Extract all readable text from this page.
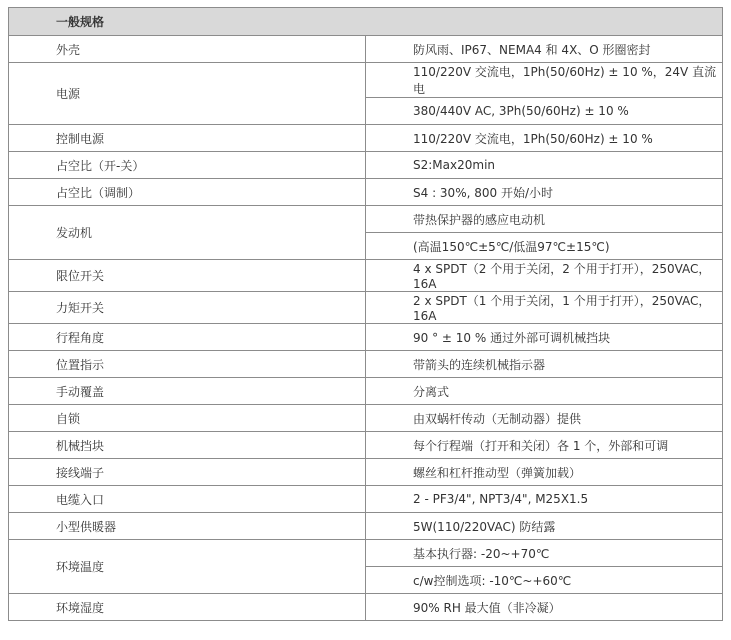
一般规格	
外壳	防风雨、IP67、NEMA4 和 4X、O 形圈密封
电源	110/220V 交流电，1Ph(50/60Hz) ± 10 %，24V 直流电
	380/440V AC, 3Ph(50/60Hz) ± 10 %
控制电源	110/220V 交流电，1Ph(50/60Hz) ± 10 %
占空比（开-关）	S2:Max20min
占空比（调制）	S4 : 30%, 800 开始/小时
发动机	带热保护器的感应电动机
	(高温150℃±5℃/低温97℃±15℃)
限位开关	4 x SPDT（2 个用于关闭，2 个用于打开），250VAC，16A
力矩开关	2 x SPDT（1 个用于关闭，1 个用于打开），250VAC，16A
行程角度	90 ° ± 10 % 通过外部可调机械挡块
位置指示	带箭头的连续机械指示器
手动覆盖	分离式
自锁	由双蜗杆传动（无制动器）提供
机械挡块	每个行程端（打开和关闭）各 1 个，外部和可调
接线端子	螺丝和杠杆推动型（弹簧加载）
电缆入口	2 - PF3/4", NPT3/4", M25X1.5
小型供暖器	5W(110/220VAC) 防结露
环境温度	基本执行器: -20~+70℃
	c/w控制选项: -10℃~+60℃
环境湿度	90% RH 最大值（非冷凝）
